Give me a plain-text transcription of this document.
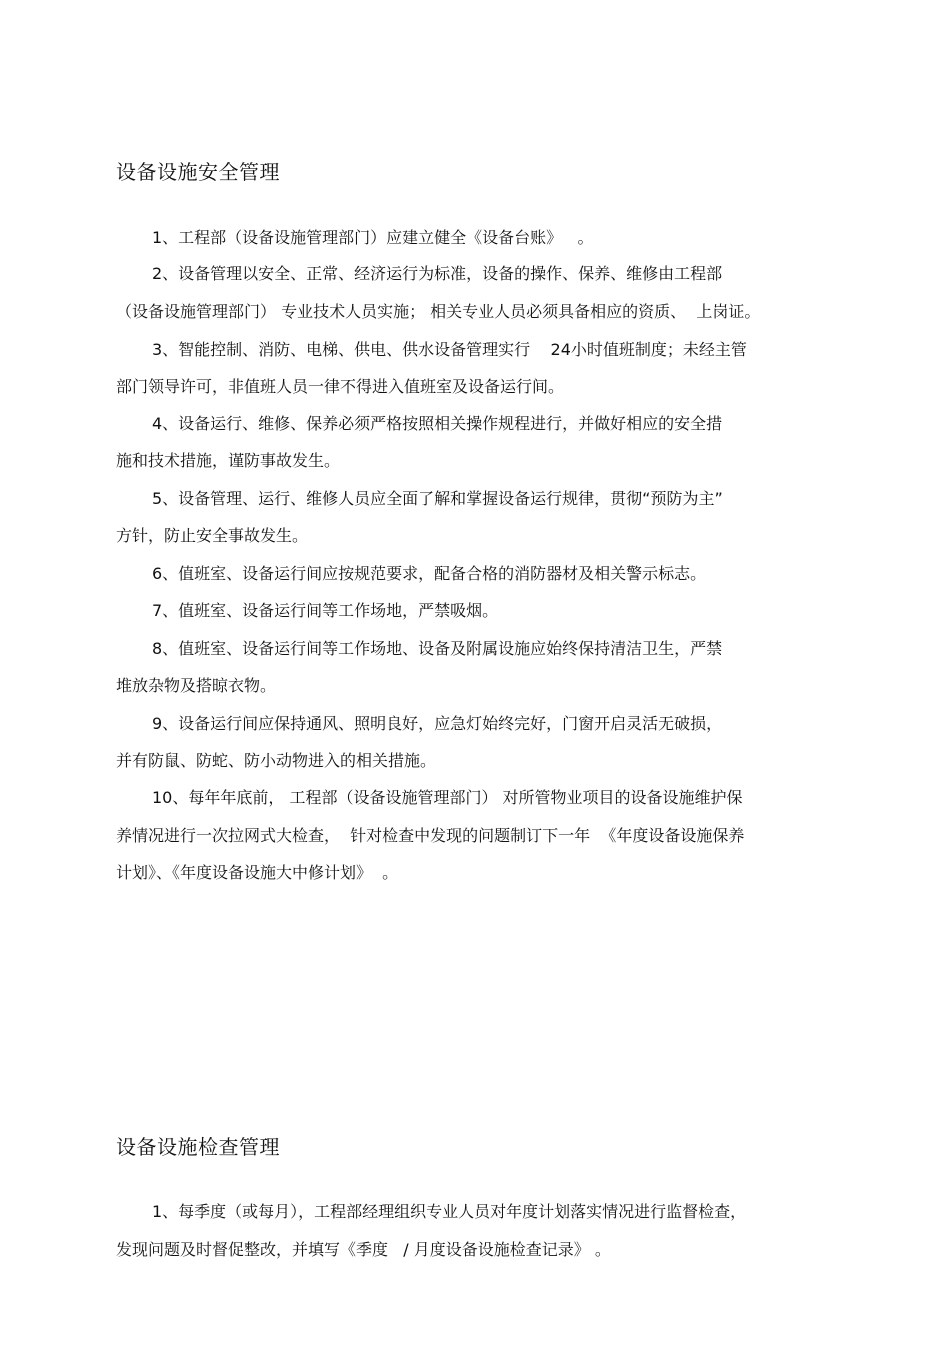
设备设施安全管理

1、工程部（设备设施管理部门）应建立健全《设备台账》   。

2、设备管理以安全、正常、经济运行为标准，设备的操作、保养、维修由工程部

（设备设施管理部门） 专业技术人员实施； 相关专业人员必须具备相应的资质、  上岗证。

3、智能控制、消防、电梯、供电、供水设备管理实行    24小时值班制度；未经主管

部门领导许可，非值班人员一律不得进入值班室及设备运行间。

4、设备运行、维修、保养必须严格按照相关操作规程进行，并做好相应的安全措

施和技术措施，谨防事故发生。

5、设备管理、运行、维修人员应全面了解和掌握设备运行规律，贯彻“预防为主”

方针，防止安全事故发生。

6、值班室、设备运行间应按规范要求，配备合格的消防器材及相关警示标志。

7、值班室、设备运行间等工作场地，严禁吸烟。

8、值班室、设备运行间等工作场地、设备及附属设施应始终保持清洁卫生，严禁

堆放杂物及搭晾衣物。

9、设备运行间应保持通风、照明良好，应急灯始终完好，门窗开启灵活无破损，

并有防鼠、防蛇、防小动物进入的相关措施。

10、每年年底前， 工程部（设备设施管理部门） 对所管物业项目的设备设施维护保

养情况进行一次拉网式大检查，  针对检查中发现的问题制订下一年  《年度设备设施保养

计划》、《年度设备设施大中修计划》  。

设备设施检查管理

1、每季度（或每月），工程部经理组织专业人员对年度计划落实情况进行监督检查，

发现问题及时督促整改，并填写《季度   / 月度设备设施检查记录》 。
